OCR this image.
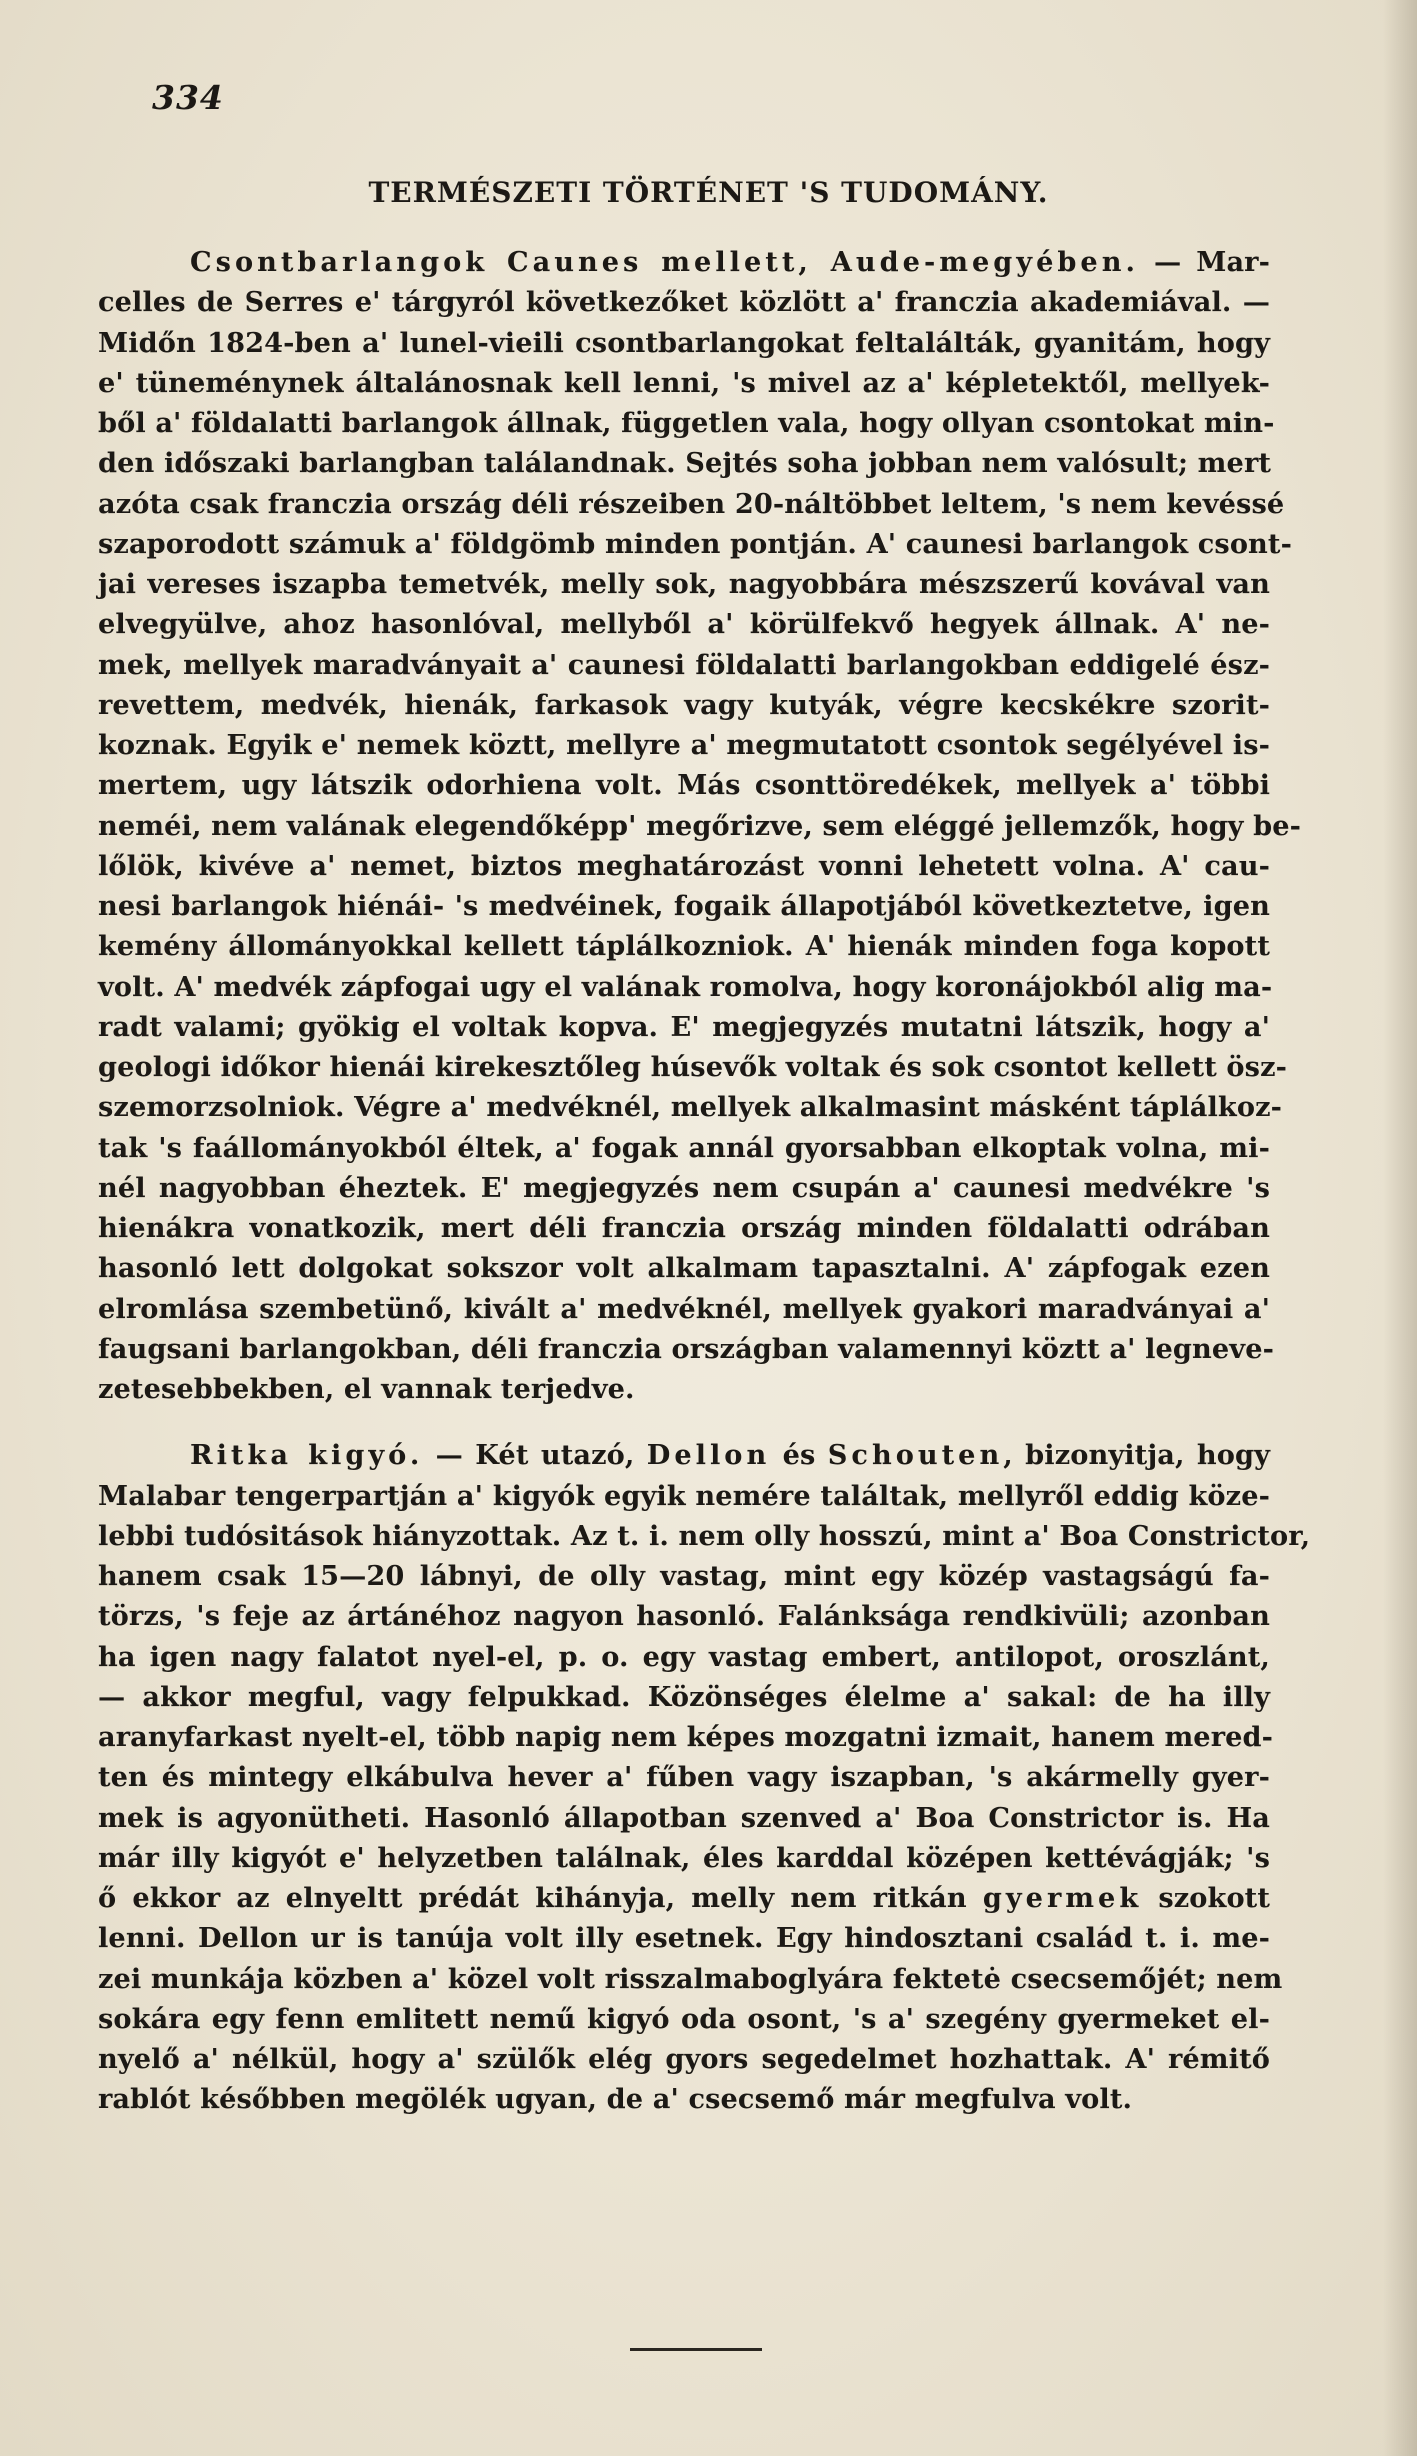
334
TERMÉSZETI TÖRTÉNET 'S TUDOMÁNY.
Csontbarlangok Caunes mellett, Aude-megyében. — Mar-
celles de Serres e' tárgyról következőket közlött a' franczia akademiával. —
Midőn 1824-ben a' lunel-vieili csontbarlangokat feltalálták, gyanitám, hogy
e' tüneménynek általánosnak kell lenni, 's mivel az a' képletektől, mellyek-
ből a' földalatti barlangok állnak, független vala, hogy ollyan csontokat min-
den időszaki barlangban találandnak. Sejtés soha jobban nem valósult; mert
azóta csak franczia ország déli részeiben 20-náltöbbet leltem, 's nem kevéssé
szaporodott számuk a' földgömb minden pontján. A' caunesi barlangok csont-
jai vereses iszapba temetvék, melly sok, nagyobbára mészszerű kovával van
elvegyülve, ahoz hasonlóval, mellyből a' körülfekvő hegyek állnak. A' ne-
mek, mellyek maradványait a' caunesi földalatti barlangokban eddigelé ész-
revettem, medvék, hienák, farkasok vagy kutyák, végre kecskékre szorit-
koznak. Egyik e' nemek köztt, mellyre a' megmutatott csontok segélyével is-
mertem, ugy látszik odorhiena volt. Más csonttöredékek, mellyek a' többi
neméi, nem valának elegendőképp' megőrizve, sem eléggé jellemzők, hogy be-
lőlök, kivéve a' nemet, biztos meghatározást vonni lehetett volna. A' cau-
nesi barlangok hiénái- 's medvéinek, fogaik állapotjából következtetve, igen
kemény állományokkal kellett táplálkozniok. A' hienák minden foga kopott
volt. A' medvék zápfogai ugy el valának romolva, hogy koronájokból alig ma-
radt valami; gyökig el voltak kopva. E' megjegyzés mutatni látszik, hogy a'
geologi időkor hienái kirekesztőleg húsevők voltak és sok csontot kellett ösz-
szemorzsolniok. Végre a' medvéknél, mellyek alkalmasint másként táplálkoz-
tak 's faállományokból éltek, a' fogak annál gyorsabban elkoptak volna, mi-
nél nagyobban éheztek. E' megjegyzés nem csupán a' caunesi medvékre 's
hienákra vonatkozik, mert déli franczia ország minden földalatti odrában
hasonló lett dolgokat sokszor volt alkalmam tapasztalni. A' zápfogak ezen
elromlása szembetünő, kivált a' medvéknél, mellyek gyakori maradványai a'
faugsani barlangokban, déli franczia országban valamennyi köztt a' legneve-
zetesebbekben, el vannak terjedve.
Ritka kigyó. — Két utazó, Dellon és Schouten, bizonyitja, hogy
Malabar tengerpartján a' kigyók egyik nemére találtak, mellyről eddig köze-
lebbi tudósitások hiányzottak. Az t. i. nem olly hosszú, mint a' Boa Constrictor,
hanem csak 15—20 lábnyi, de olly vastag, mint egy közép vastagságú fa-
törzs, 's feje az ártánéhoz nagyon hasonló. Falánksága rendkivüli; azonban
ha igen nagy falatot nyel-el, p. o. egy vastag embert, antilopot, oroszlánt,
— akkor megful, vagy felpukkad. Közönséges élelme a' sakal: de ha illy
aranyfarkast nyelt-el, több napig nem képes mozgatni izmait, hanem mered-
ten és mintegy elkábulva hever a' fűben vagy iszapban, 's akármelly gyer-
mek is agyonütheti. Hasonló állapotban szenved a' Boa Constrictor is. Ha
már illy kigyót e' helyzetben találnak, éles karddal középen kettévágják; 's
ő ekkor az elnyeltt prédát kihányja, melly nem ritkán gyermek szokott
lenni. Dellon ur is tanúja volt illy esetnek. Egy hindosztani család t. i. me-
zei munkája közben a' közel volt risszalmaboglyára fektetė csecsemőjét; nem
sokára egy fenn emlitett nemű kigyó oda osont, 's a' szegény gyermeket el-
nyelő a' nélkül, hogy a' szülők elég gyors segedelmet hozhattak. A' rémitő
rablót későbben megölék ugyan, de a' csecsemő már megfulva volt.
